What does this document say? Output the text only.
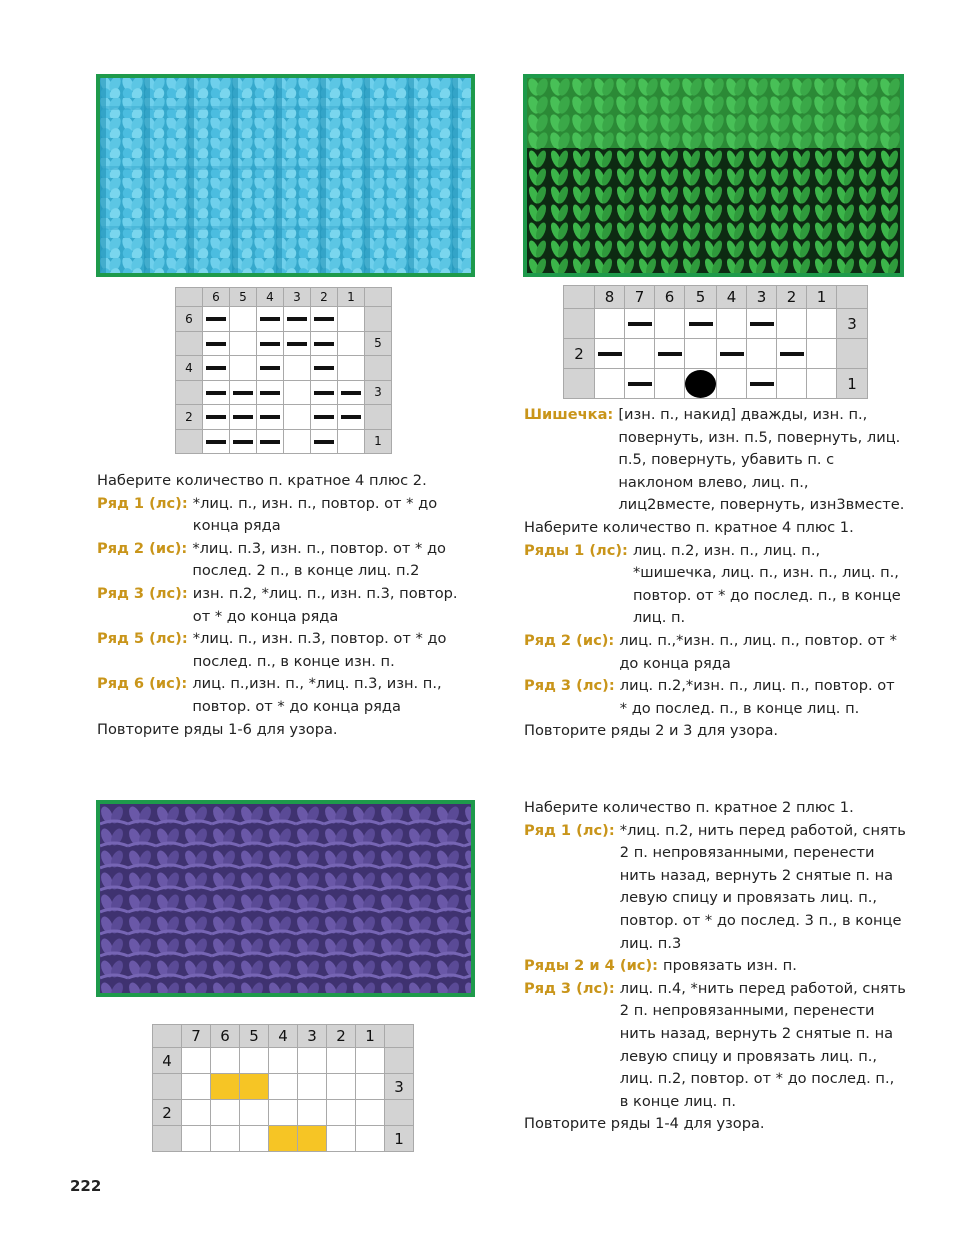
	6	5	4	3	2	1	
6							
							5
4							
							3
2							
							1
	8	7	6	5	4	3	2	1	
									3
2									
									1
	7	6	5	4	3	2	1	
4								
								3
2								
								1

Наберите количество п. кратное 4 плюс 2.

Ряд 1 (лс): *лиц. п., изн. п., повтор. от * до конца ряда
Ряд 2 (ис): *лиц. п.3, изн. п., повтор. от * до послед. 2 п., в конце лиц. п.2
Ряд 3 (лс): изн. п.2, *лиц. п., изн. п.3, повтор. от * до конца ряда
Ряд 5 (лс): *лиц. п., изн. п.3, повтор. от * до послед. п., в конце изн. п.
Ряд 6 (ис): лиц. п.,изн. п., *лиц. п.3, изн. п., повтор. от * до конца ряда

Повторите ряды 1-6 для узора.

Шишечка: [изн. п., накид] дважды, изн. п., повернуть, изн. п.5, повернуть, лиц. п.5, повернуть, убавить п. с наклоном влево, лиц. п., лиц2вместе, повернуть, изн3вместе.

Наберите количество п. кратное 4 плюс 1.

Ряды 1 (лс): лиц. п.2, изн. п., лиц. п., *шишечка, лиц. п., изн. п., лиц. п., повтор. от * до послед. п., в конце лиц. п.
Ряд 2 (ис): лиц. п.,*изн. п., лиц. п., повтор. от * до конца ряда
Ряд 3 (лс): лиц. п.2,*изн. п., лиц. п., повтор. от * до послед. п., в конце лиц. п.

Повторите ряды 2 и 3 для узора.

Наберите количество п. кратное 2 плюс 1.

Ряд 1 (лс): *лиц. п.2, нить перед работой, снять 2 п. непровязанными, перенести нить назад, вернуть 2 снятые п. на левую спицу и провязать лиц. п., повтор. от * до послед. 3 п., в конце лиц. п.3
Ряды 2 и 4 (ис): провязать изн. п.
Ряд 3 (лс): лиц. п.4, *нить перед работой, снять 2 п. непровязанными, перенести нить назад, вернуть 2 снятые п. на левую спицу и провязать лиц. п., лиц. п.2, повтор. от * до послед. п., в конце лиц. п.

Повторите ряды 1-4 для узора.

222
